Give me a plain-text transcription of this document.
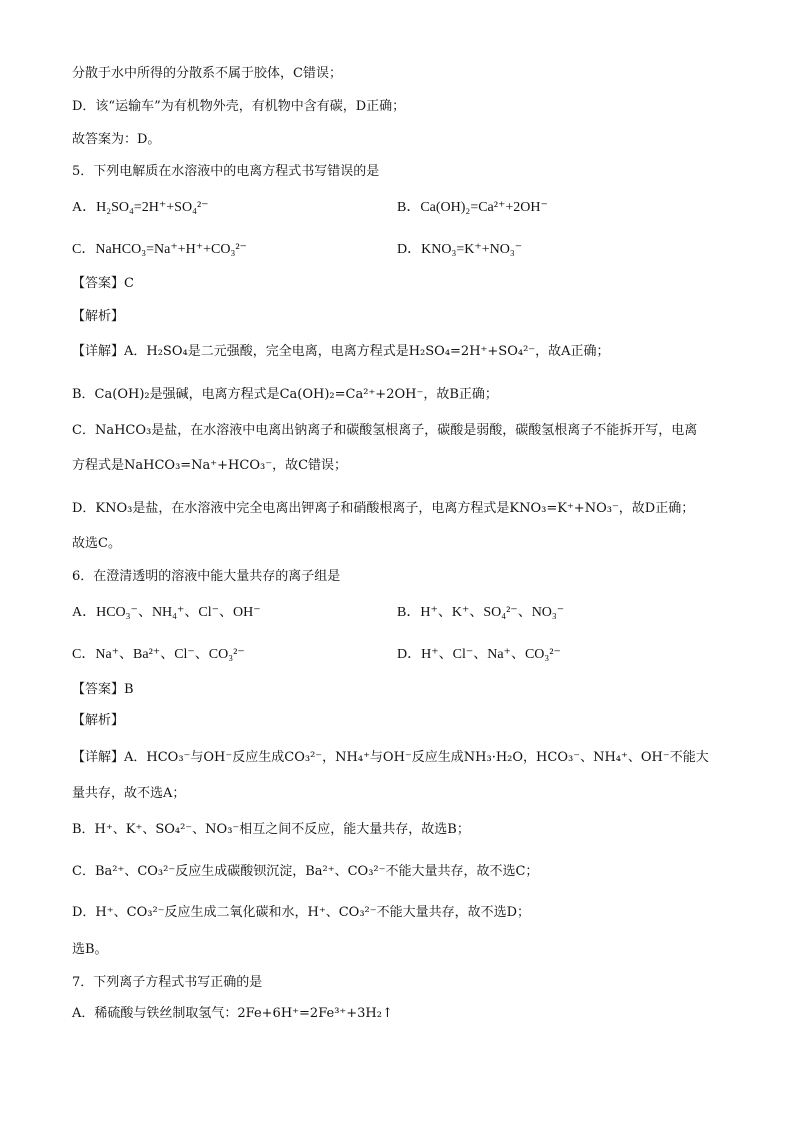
分散于水中所得的分散系不属于胶体，C错误；
D．该“运输车”为有机物外壳，有机物中含有碳，D正确；
故答案为：D。
5．下列电解质在水溶液中的电离方程式书写错误的是
A．H₂SO₄=2H⁺+SO₄²⁻	B．Ca(OH)₂=Ca²⁺+2OH⁻
C．NaHCO₃=Na⁺+H⁺+CO₃²⁻	D．KNO₃=K⁺+NO₃⁻
【答案】C
【解析】
【详解】A．H₂SO₄是二元强酸，完全电离，电离方程式是H₂SO₄=2H⁺+SO₄²⁻，故A正确；
B．Ca(OH)₂是强碱，电离方程式是Ca(OH)₂=Ca²⁺+2OH⁻，故B正确；
C．NaHCO₃是盐，在水溶液中电离出钠离子和碳酸氢根离子，碳酸是弱酸，碳酸氢根离子不能拆开写，电离
方程式是NaHCO₃=Na⁺+HCO₃⁻，故C错误；
D．KNO₃是盐，在水溶液中完全电离出钾离子和硝酸根离子，电离方程式是KNO₃=K⁺+NO₃⁻，故D正确；
故选C。
6．在澄清透明的溶液中能大量共存的离子组是
A．HCO₃⁻、NH₄⁺、Cl⁻、OH⁻	B．H⁺、K⁺、SO₄²⁻、NO₃⁻
C．Na⁺、Ba²⁺、Cl⁻、CO₃²⁻	D．H⁺、Cl⁻、Na⁺、CO₃²⁻
【答案】B
【解析】
【详解】A．HCO₃⁻与OH⁻反应生成CO₃²⁻，NH₄⁺与OH⁻反应生成NH₃·H₂O，HCO₃⁻、NH₄⁺、OH⁻不能大
量共存，故不选A；
B．H⁺、K⁺、SO₄²⁻、NO₃⁻相互之间不反应，能大量共存，故选B；
C．Ba²⁺、CO₃²⁻反应生成碳酸钡沉淀，Ba²⁺、CO₃²⁻不能大量共存，故不选C；
D．H⁺、CO₃²⁻反应生成二氧化碳和水，H⁺、CO₃²⁻不能大量共存，故不选D；
选B。
7．下列离子方程式书写正确的是
A．稀硫酸与铁丝制取氢气：2Fe+6H⁺=2Fe³⁺+3H₂↑
